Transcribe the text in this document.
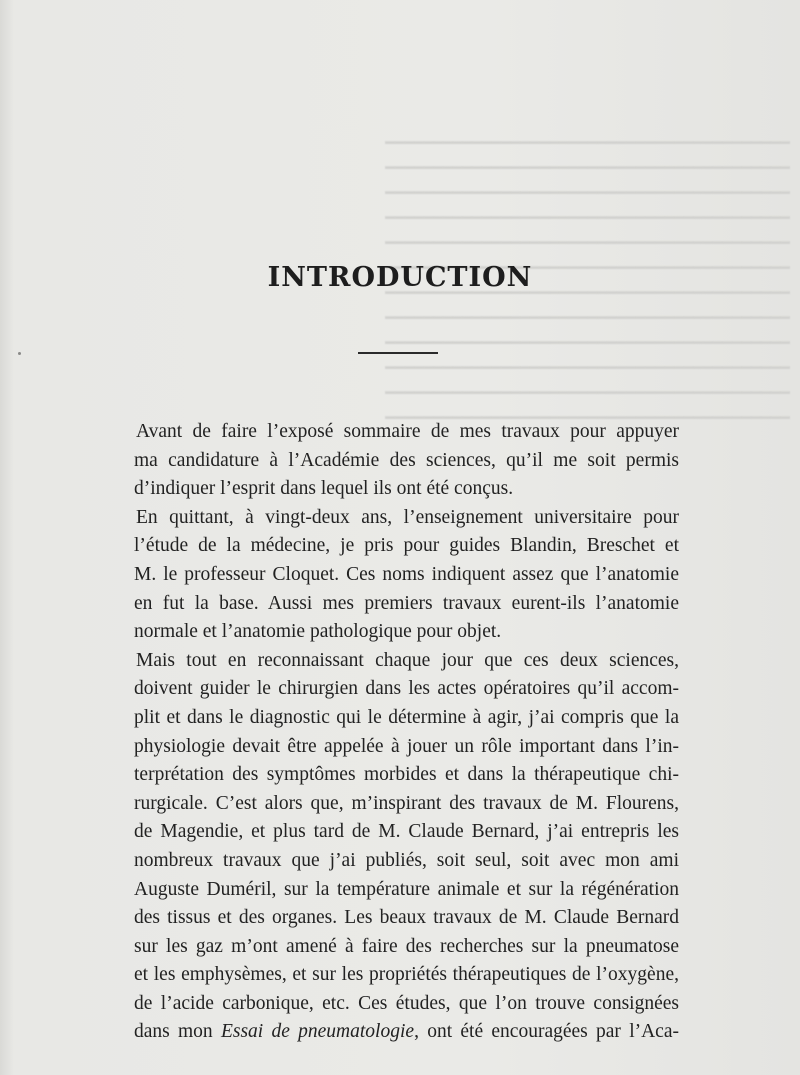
━━━━━━━━━━━━━━━━━━━━━━━━━━━━━━━━━━━━━━━━━━
━━━━━━━━━━━━━━━━━━━━━━━━━━━━━━━━━━━━━━━━━━
━━━━━━━━━━━━━━━━━━━━━━━━━━━━━━━━━━━━━━━━━━
━━━━━━━━━━━━━━━━━━━━━━━━━━━━━━━━━━━━━━━━━━
━━━━━━━━━━━━━━━━━━━━━━━━━━━━━━━━━━━━━━━━━━
━━━━━━━━━━━━━━━━━━━━━━━━━━━━━━━━━━━━━━━━━━
━━━━━━━━━━━━━━━━━━━━━━━━━━━━━━━━━━━━━━━━━━
━━━━━━━━━━━━━━━━━━━━━━━━━━━━━━━━━━━━━━━━━━
━━━━━━━━━━━━━━━━━━━━━━━━━━━━━━━━━━━━━━━━━━
━━━━━━━━━━━━━━━━━━━━━━━━━━━━━━━━━━━━━━━━━━
━━━━━━━━━━━━━━━━━━━━━━━━━━━━━━━━━━━━━━━━━━
━━━━━━━━━━━━━━━━━━━━━━━━━━━━━━━━━━━━━━━━━━
INTRODUCTION
Avant de faire l’exposé sommaire de mes travaux pour appuyer
ma candidature à l’Académie des sciences, qu’il me soit permis
d’indiquer l’esprit dans lequel ils ont été conçus.
En quittant, à vingt-deux ans, l’enseignement universitaire pour
l’étude de la médecine, je pris pour guides Blandin, Breschet et
M. le professeur Cloquet. Ces noms indiquent assez que l’anatomie
en fut la base. Aussi mes premiers travaux eurent-ils l’anatomie
normale et l’anatomie pathologique pour objet.
Mais tout en reconnaissant chaque jour que ces deux sciences,
doivent guider le chirurgien dans les actes opératoires qu’il accom-
plit et dans le diagnostic qui le détermine à agir, j’ai compris que la
physiologie devait être appelée à jouer un rôle important dans l’in-
terprétation des symptômes morbides et dans la thérapeutique chi-
rurgicale. C’est alors que, m’inspirant des travaux de M. Flourens,
de Magendie, et plus tard de M. Claude Bernard, j’ai entrepris les
nombreux travaux que j’ai publiés, soit seul, soit avec mon ami
Auguste Duméril, sur la température animale et sur la régénération
des tissus et des organes. Les beaux travaux de M. Claude Bernard
sur les gaz m’ont amené à faire des recherches sur la pneumatose
et les emphysèmes, et sur les propriétés thérapeutiques de l’oxygène,
de l’acide carbonique, etc. Ces études, que l’on trouve consignées
dans mon Essai de pneumatologie, ont été encouragées par l’Aca-
